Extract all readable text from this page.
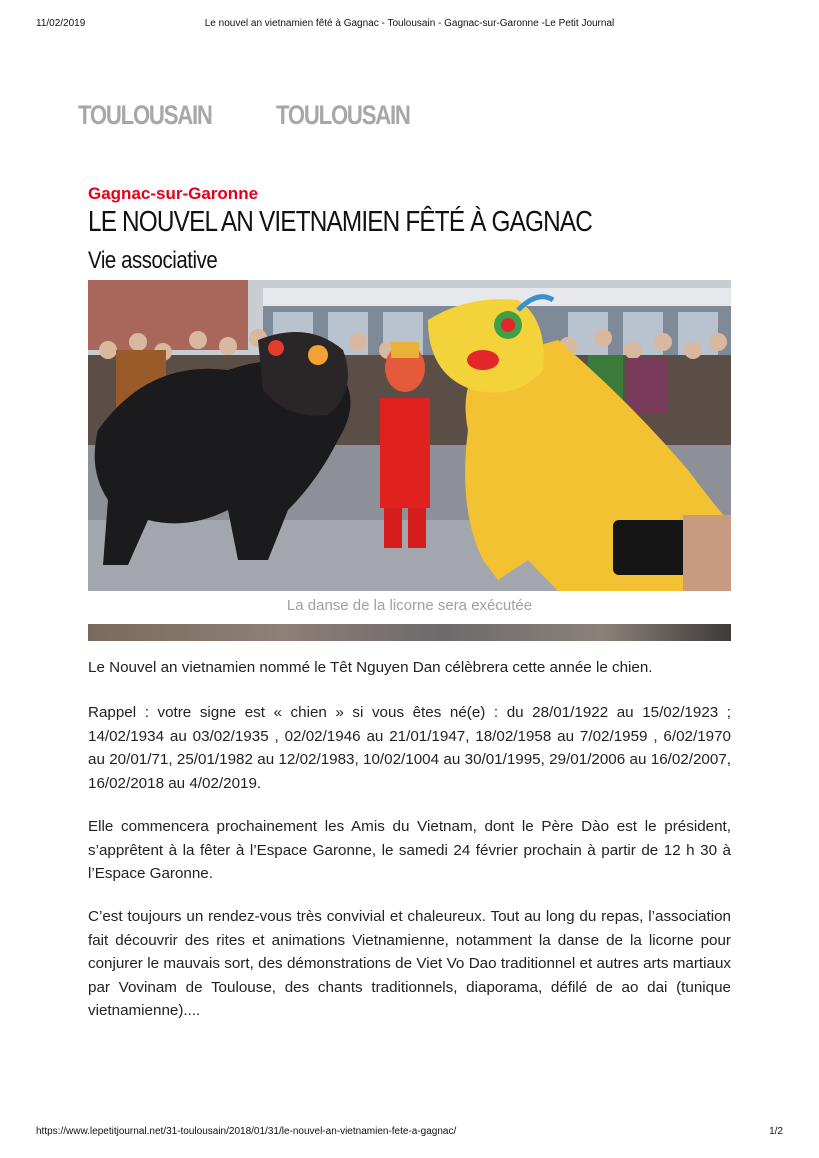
11/02/2019	Le nouvel an vietnamien fêté à Gagnac - Toulousain - Gagnac-sur-Garonne -Le Petit Journal
TOULOUSAIN TOULOUSAIN
Gagnac-sur-Garonne
LE NOUVEL AN VIETNAMIEN FÊTÉ À GAGNAC
Vie associative
La danse de la licorne sera exécutée

Le Nouvel an vietnamien nommé le Têt Nguyen Dan célèbrera cette année le chien.

Rappel : votre signe est « chien » si vous êtes né(e) : du 28/01/1922 au 15/02/1923 ; 14/02/1934 au 03/02/1935 , 02/02/1946 au 21/01/1947, 18/02/1958 au 7/02/1959 , 6/02/1970 au 20/01/71, 25/01/1982 au 12/02/1983, 10/02/1004 au 30/01/1995, 29/01/2006 au 16/02/2007, 16/02/2018 au 4/02/2019.

Elle commencera prochainement les Amis du Vietnam, dont le Père Dào est le président, s’apprêtent à la fêter à l’Espace Garonne, le samedi 24 février prochain à partir de 12 h 30 à l’Espace Garonne.

C’est toujours un rendez-vous très convivial et chaleureux. Tout au long du repas, l’association fait découvrir des rites et animations Vietnamienne, notamment la danse de la licorne pour conjurer le mauvais sort, des démonstrations de Viet Vo Dao traditionnel et autres arts martiaux par Vovinam de Toulouse, des chants traditionnels, diaporama, défilé de ao dai (tunique vietnamienne)....

https://www.lepetitjournal.net/31-toulousain/2018/01/31/le-nouvel-an-vietnamien-fete-a-gagnac/	1/2
